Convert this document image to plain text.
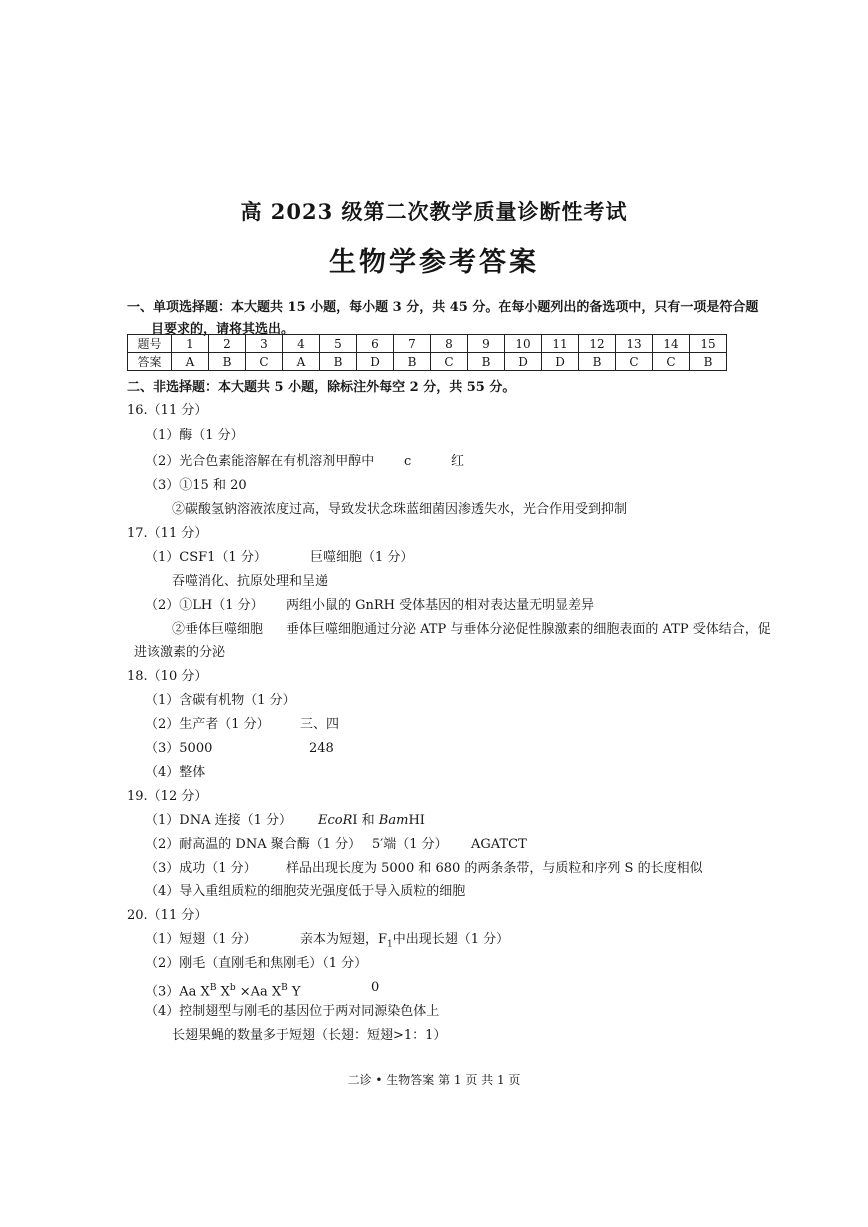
高 2023 级第二次教学质量诊断性考试
生物学参考答案
一、单项选择题：本大题共 15 小题，每小题 3 分，共 45 分。在每小题列出的备选项中，只有一项是符合题
目要求的，请将其选出。
题号	1	2	3	4	5	6	7	8	9	10	11	12	13	14	15
答案	A	B	C	A	B	D	B	C	B	D	D	B	C	C	B
二、非选择题：本大题共 5 小题，除标注外每空 2 分，共 55 分。
16.（11 分）
（1）酶（1 分）
（2）光合色素能溶解在有机溶剂甲醇中 c	红
（3）①15 和 20
②碳酸氢钠溶液浓度过高，导致发状念珠蓝细菌因渗透失水，光合作用受到抑制
17.（11 分）
（1）CSF1（1 分）	巨噬细胞（1 分）
吞噬消化、抗原处理和呈递
（2）①LH（1 分） 两组小鼠的 GnRH 受体基因的相对表达量无明显差异
②垂体巨噬细胞 垂体巨噬细胞通过分泌 ATP 与垂体分泌促性腺激素的细胞表面的 ATP 受体结合，促
进该激素的分泌
18.（10 分）
（1）含碳有机物（1 分）
（2）生产者（1 分） 三、四
（3）5000	248
（4）整体
19.（12 分）
（1）DNA 连接（1 分） EcoRⅠ 和 BamHⅠ
（2）耐高温的 DNA 聚合酶（1 分） 5′端（1 分） AGATCT
（3）成功（1 分） 样品出现长度为 5000 和 680 的两条条带，与质粒和序列 S 的长度相似
（4）导入重组质粒的细胞荧光强度低于导入质粒的细胞
20.（11 分）
（1）短翅（1 分）	亲本为短翅，$F_1$中出现长翅（1 分）
（2）刚毛（直刚毛和焦刚毛）（1 分）
（3）Aa $X^B$ $X^b \times Aa$ $X^B$ Y	0
（4）控制翅型与刚毛的基因位于两对同源染色体上
长翅果蝇的数量多于短翅（长翅：短翅>1：1）
二诊 • 生物答案 第 1 页 共 1 页
